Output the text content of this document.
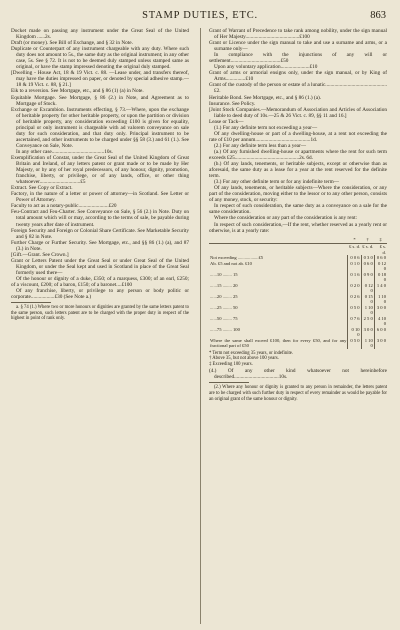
STAMP DUTIES, ETC.	863

Docket made on passing any instrument under the Great Seal of the United Kingdom ......2s.

Draft (or money). See Bill of Exchange, and § 32 in Note.

Duplicate or Counterpart of any instrument chargeable with any duty. Where such duty does not amount to 5s., the same duty as the original instrument; in any other case, 5s. See § 72. It is not to be deemed duly stamped unless stamped same as original, or have the stamp impressed denoting the original duly stamped.

[Dwelling - House Act, 18 & 19 Vict. c. 88. —Lease under, and transfers thereof, may have the duties impressed on paper, or denoted by special adhesive stamp.—18 & 19 Vict. c. 88, § 21.]

Eik to a reversion. See Mortgage, etc., and § 86 (1) (a) in Note.

Equitable Mortgage. See Mortgage, § 86 (2.) in Note, and Agreement as to Mortgage of Stock.

Exchange or Excambion. Instruments effecting, § 73.—Where, upon the exchange of heritable property for other heritable property, or upon the partition or division of heritable property, any consideration exceeding £100 is given for equality, principal or only instrument is chargeable with ad valorem conveyance on sale duty for such consideration, and that duty only. Principal instrument to be ascertained, and other instruments to be charged under §§ 58 (3.) and 61 (1.). See Conveyance on Sale, Note.

In any other case........................................10s.

Exemplification of Constat, under the Great Seal of the United Kingdom of Great Britain and Ireland, of any letters patent or grant made or to be made by Her Majesty, or by any of her royal predecessors, of any honour, dignity, promotion, franchise, liberty, or privilege, or of any lands, office, or other thing whatsoever...............................£5

Extract. See Copy or Extract.

Factory, in the nature of a letter or power of attorney—in Scotland. See Letter or Power of Attorney.

Faculty to act as a notary-public.......................£20

Feu-Contract and Feu-Charter. See Conveyance on Sale, § 56 (2.) in Note. Duty on total amount which will or may, according to the terms of sale, be payable during twenty years after date of instrument.

Foreign Security and Foreign or Colonial Share Certificate. See Marketable Security and § 82 in Note.

Further Charge or Further Security. See Mortgage, etc., and §§ 86 (1.) (a), and 87 (3.) in Note.

[Gift.—Grant. See Crown.]

Grant or Letters Patent under the Great Seal or under Great Seal of the United Kingdom, or under the Seal kept and used in Scotland in place of the Great Seal formerly used there—

Of the honour or dignity of a duke, £350; of a marquess, £300; of an earl, £250; of a viscount, £200; of a baron, £150; of a baronet....£100

Of any franchise, liberty, or privilege to any person or body politic or corporate..................£30 (See Note a.)

a. § 74 (1.) Where two or more honours or dignities are granted by the same letters patent to the same person, such letters patent are to be charged with the proper duty in respect of the highest in point of rank only.

Grant of Warrant of Precedence to take rank among nobility, under the sign manual of Her Majesty.........................................£100

Grant or Licence under the sign manual to take and use a surname and arms, or a surname only—

In compliance with the injunctions of any will or settlement......................................£50

Upon any voluntary application......................£10

Grant of arms or armorial ensigns only, under the sign manual, or by King of Arms...............£10

Grant of the custody of the person or estate of a lunatic...............................................£2.

Heritable Bond. See Mortgage, etc., and § 86 (1.) (a).

Insurance. See Policy.

[Joint Stock Companies.—Memorandum of Association and Articles of Association liable to deed duty of 10s.—25 & 26 Vict. c. 89, §§ 11 and 16.]

Lease or Tack—

(1.) For any definite term not exceeding a year—

Of any dwelling-house or part of a dwelling-house, at a rent not exceeding the rate of £10 per annum..........................................1d.

(2.) For any definite term less than a year—

(a.) Of any furnished dwelling-house or apartments where the rent for such term exceeds £25.................................................2s. 6d.

(b.) Of any lands, tenements, or heritable subjects, except or otherwise than as aforesaid, the same duty as a lease for a year at the rent reserved for the definite term.

(3.) For any other definite term or for any indefinite term—

Of any lands, tenements, or heritable subjects—Where the consideration, or any part of the consideration, moving either to the lessor or to any other person, consists of any money, stock, or security:

In respect of such consideration, the same duty as a conveyance on a sale for the same consideration.

Where the consideration or any part of the consideration is any rent:

In respect of such consideration,—If the rent, whether reserved as a yearly rent or otherwise, is at a yearly rate:

	*	†	‡
	£ s. d.	£ s. d.	£ s. d.
Not exceeding ..................£5	0 0 6	0 3 0	0 6 0
Ab. £5 and not ab. £10	0 1 0	0 6 0	0 12 0
......10 ........ 15	0 1 6	0 9 0	0 18 0
......15 ........ 20	0 2 0	0 12 0	1 4 0
......20 ........ 25	0 2 6	0 15 0	1 10 0
......25 ........ 50	0 5 0	1 10 0	3 0 0
......50 ........ 75	0 7 6	2 5 0	4 10 0
......75 ........ 100	0 10 0	3 0 0	6 0 0
Where the same shall exceed £100, then for every £50, and for any fractional part of £50	0 5 0	1 10 0	3 0 0

* Term not exceeding 35 years, or indefinite.

† Above 35, but not above 100 years.

‡ Exceeding 100 years.

(4.) Of any other kind whatsoever not hereinbefore described..................................10s.

(2.) Where any honour or dignity is granted to any person in remainder, the letters patent are to be charged with such further duty in respect of every remainder as would be payable for an original grant of the same honour or dignity.
